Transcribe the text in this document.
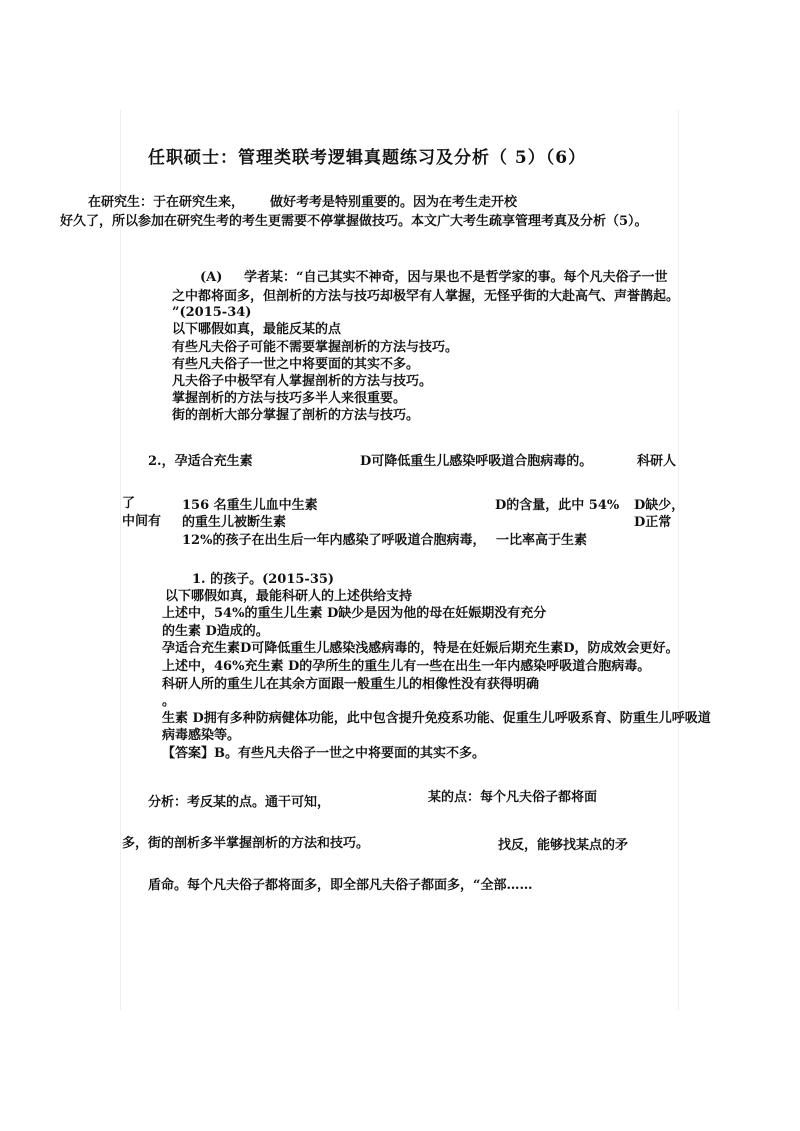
任职硕士：管理类联考逻辑真题练习及分析（ 5）（6）
在研究生：于在研究生来， 做好考考是特别重要的。因为在考生走开校
好久了，所以参加在研究生考的考生更需要不停掌握做技巧。本文广大考生疏享管理考真及分析（5）。
(A) 学者某：“自己其实不神奇，因与果也不是哲学家的事。每个凡夫俗子一世
之中都将面多，但剖析的方法与技巧却极罕有人掌握，无怪乎街的大赴高气、声誉鹊起。
”(2015-34)
以下哪假如真，最能反某的点
有些凡夫俗子可能不需要掌握剖析的方法与技巧。
有些凡夫俗子一世之中将要面的其实不多。
凡夫俗子中极罕有人掌握剖析的方法与技巧。
掌握剖析的方法与技巧多半人来很重要。
街的剖析大部分掌握了剖析的方法与技巧。
2.，孕适合充生素	D可降低重生儿感染呼吸道合胞病毒的。	科研人
了
中间有
156 名重生儿血中生素	D的含量，此中 54% D缺少，
的重生儿被断生素	D正常
12%的孩子在出生后一年内感染了呼吸道合胞病毒， 一比率高于生素
1. 的孩子。(2015-35)
以下哪假如真，最能科研人的上述供给支持
上述中，54%的重生儿生素 D缺少是因为他的母在妊娠期没有充分
的生素 D造成的。
孕适合充生素D可降低重生儿感染浅感病毒的，特是在妊娠后期充生素D，防成效会更好。
上述中，46%充生素 D的孕所生的重生儿有一些在出生一年内感染呼吸道合胞病毒。
科研人所的重生儿在其余方面跟一般重生儿的相像性没有获得明确
。
生素 D拥有多种防病健体功能，此中包含提升免疫系功能、促重生儿呼吸系育、防重生儿呼吸道
病毒感染等。
【答案】B。有些凡夫俗子一世之中将要面的其实不多。
分析：考反某的点。通干可知，	某的点：每个凡夫俗子都将面
多，街的剖析多半掌握剖析的方法和技巧。	找反，能够找某点的矛
盾命。每个凡夫俗子都将面多，即全部凡夫俗子都面多，“全部……
